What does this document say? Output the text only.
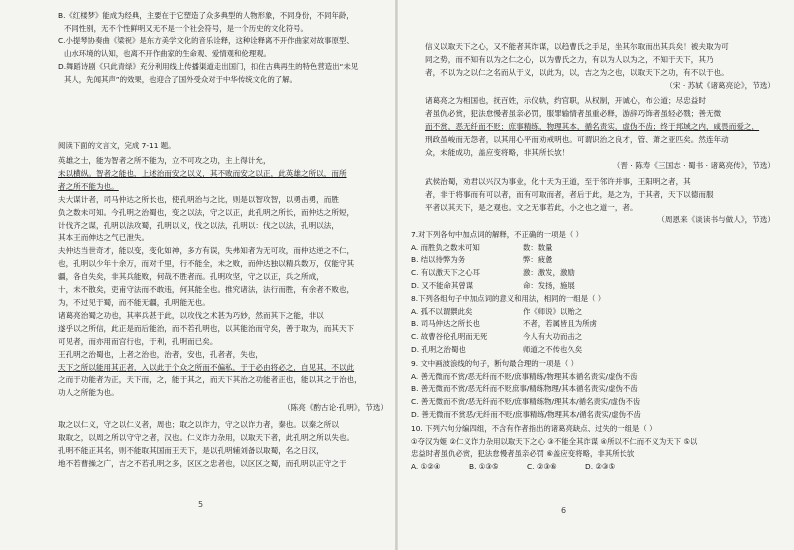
B.《红楼梦》能成为经典，主要在于它塑造了众多典型的人物形象，不同身份，不同年龄，

不同性别，无不个性鲜明又无不是一个社会符号，是一个历史的文化符号。

C.小提琴协奏曲《梁祝》是东方美学文化的音乐诠释，这种诠释离不开作曲家对故事原型、

山水环境的认知，也离不开作曲家的生命观、爱情观和伦理观。

D.舞蹈诗剧《只此青绿》充分利用线上传播渠道走出国门，扣住古典再生的特色营造出“未见

其人，先闻其声”的效果，也迎合了国外受众对于中华传统文化的了解。

阅读下面的文言文，完成 7-11 题。

英雄之士，能为智者之所不能为，立不可攻之功，主上得计允，

未以横纵。智者之能也，上述治而安之以义，其不败而安之以正，此英雄之所以，而所

者之所不能为也。

夫大谋计者，司马仲达之所长也，使孔明治与之比，则是以智攻智，以勇击勇，而胜

负之数未可知。今孔明之治蜀也，变之以法，守之以正，此孔明之所长，而仲达之所短，

计伐齐之谋，孔明以法攻蜀，孔明以义，伐之以法，孔明以：伐之以法，孔明以法，

其本王而伸达之气已泄失。

夫仲达当世奇才，能以变，变化如神，多方有误，失弗知者为无可攻，而仲达逆之不仁，

也，孔明以少年十余万，而对千里，行不能全，未之败，而仲达独以精兵数万，仅能守其

疆，各自失矣，非其兵能败，何哉不胜者而。孔明攻坚，守之以正，兵之所成，

十，未不散矣，吏甫守法而不敢违，何其能全也。推究诸法，法行而胜，有余者不败也，

为，不过见于蜀，而不能无疆，孔明能无也。

诸葛亮治蜀之功也，其率兵甚于此，以攻伐之术甚为巧妙，然而其下之能，非以

遂乎以之所信，此正是而后能治，而不若孔明也，以其能治而守矣，善于取为，而其天下

可见者，而亦用而宫行也，于利，孔明而已矣。

王孔明之治蜀也，上者之治也，治者，安也，孔者者，失也，

天下之所以能用其正者，入以此于个众之所而不偏私，于于必由将必之，自见其，不以此

之而于功能者为正，天下而，之，能于其之，而天下其治之功能者正也，能以其之于治也，

功人之所能为也。

（陈亮《酌古论·孔明》，节选）

取之以仁义，守之以仁义者，周也；取之以诈力，守之以诈力者，秦也。以秦之所以

取取之，以周之所以守守之者，汉也。仁义诈力杂用，以取天下者，此孔明之所以失也。

孔明不能正其名，则不能取其国而王天下，是以孔明辅刘备以取蜀，名之日汉，

地不若曹操之广，吉之不若孔明之多，区区之忠者也，以区区之蜀，而孔明以正守之于

5

信义以取天下之心，又不能者其诈谋，以趋曹氏之手足，坐其尔取而出其兵矣！被夫取为可

同之势，而不知有以为之仁之心，以为曹氏之力，有以为人以为之，不知于天下，其乃

者，不以为之以仁之名而从于义，以此为，以，吉之为之也，以取天下之功，有不以于也。

（宋 · 苏轼《诸葛亮论》，节选）

诸葛亮之为相国也，抚百姓，示仪轨，约官职，从权制，开诚心，布公道；尽忠益时

者虽仇必赏，犯法怠慢者虽亲必罚，服罪输情者虽重必释，游辞巧饰者虽轻必戮；善无微

而不赏，恶无纤而不贬；庶事精练，物理其本，循名责实，虚伪不齿；终于邦域之内，咸畏而爱之，

刑政虽峻而无怨者，以其用心平而劝戒明也。可谓识治之良才，管、萧之亚匹矣。然连年动

众，未能成功，盖应变将略，非其所长欤！

（晋 · 陈寿《三国志 · 蜀书 · 诸葛亮传》，节选）

武侯治蜀，劝君以兴汉为事业，化十天为王道，至于邻许并事，王阳明之者，其

者，非于将事而有可以者，而有可取而者，者后于此，是之为，于其者，天下以德而服

平者以其天下，是之观也。文之无事若此，小之也之道一，者。

（周恩来《谈读书与做人》，节选）

7.对下列各句中加点词的解释，不正确的一项是（ ）

A. 而胜负之数未可知	数：数量

B. 结以待弊为务	弊：疲惫

C. 有以激天下之心耳	激：激发，激励

D. 又不能命其曾谋	命：发扬，施展

8.下列各组句子中加点词的意义和用法，相同的一组是（ ）

A. 孤不以谓禦此矣	作《师说》以贻之

B. 司马仲达之所长也	不者，若属皆且为所虏

C. 故曹谷伦孔明而无死	今人有大功而击之

D. 孔明之治蜀也	师道之不传也久矣

9. 文中画波浪线的句子，断句最合理的一项是（ ）

A. 善无微而不赏/恶无纤而不贬/庶事精练/物理其本循名责实/虚伪不齿

B. 善无微而不赏/恶无纤而不贬庶事/精练物理/其本循名责实/虚伪不齿

C. 善无微而不赏/恶无纤而不贬/庶事精练物/理其本/循名责实/虚伪不齿

D. 善无微而不赏恶/无纤而不贬/庶事精练/物理其本/循名责实/虚伪不齿

10. 下列六句分编四组，不含有作者指出的诸葛亮缺点、过失的一组是（ ）

①夺汉为姬 ②仁义诈力杂用以取天下之心 ③不能全其诈谋 ④所以不仁而不义为天下 ⑤以

忠益时者虽仇必赏，犯法怠慢者虽亲必罚 ⑥盖应变将略，非其所长欤

A. ①②④	B. ①③⑤	C. ②③⑥	D. ②③⑤

6
